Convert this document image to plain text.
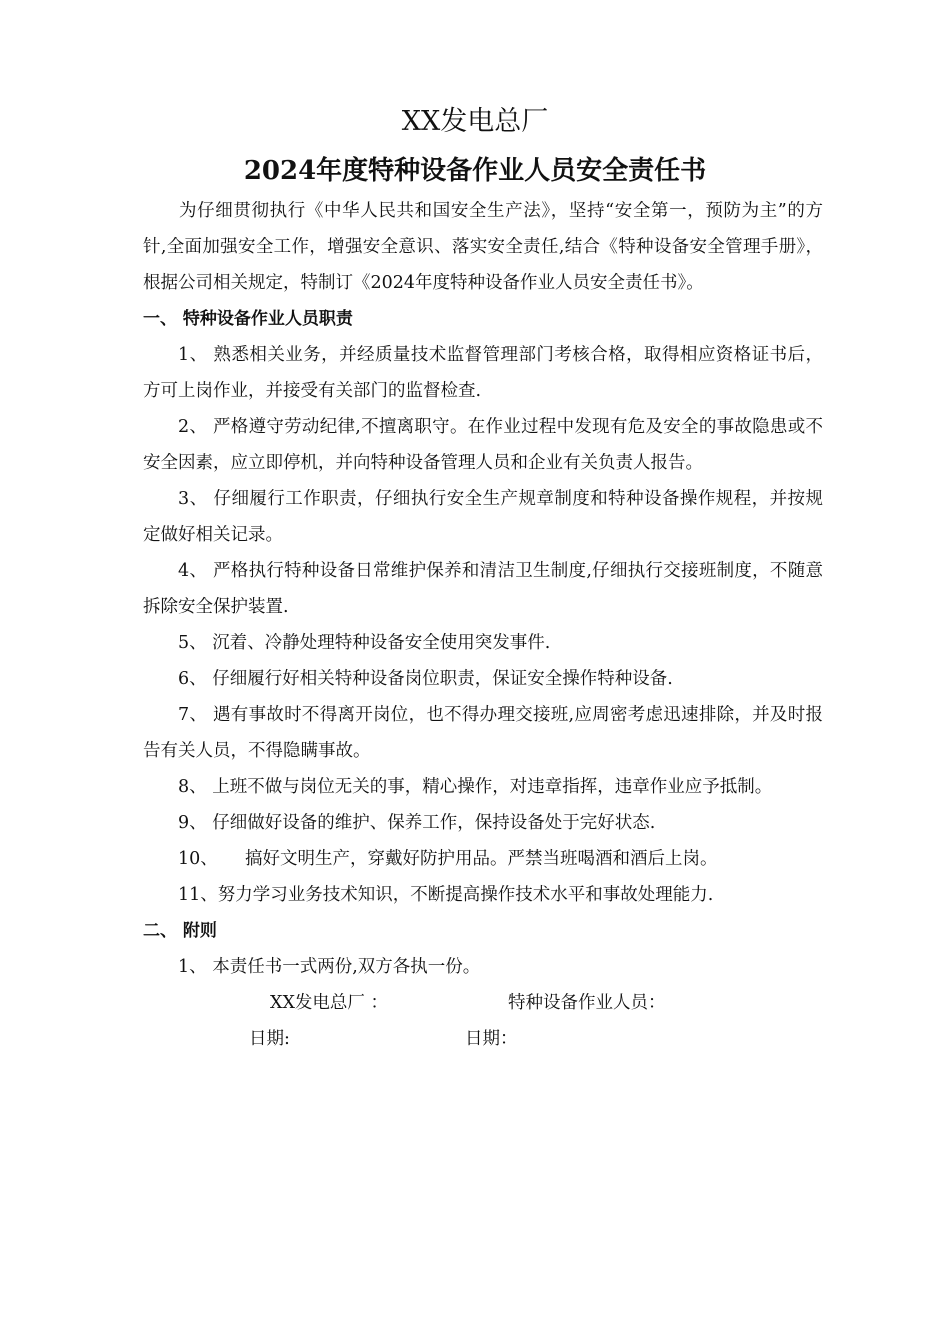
XX发电总厂
2024年度特种设备作业人员安全责任书

为仔细贯彻执行《中华人民共和国安全生产法》，坚持“安全第一，预防为主”的方针,全面加强安全工作，增强安全意识、落实安全责任,结合《特种设备安全管理手册》，根据公司相关规定，特制订《2024年度特种设备作业人员安全责任书》。

一、 特种设备作业人员职责

1、 熟悉相关业务，并经质量技术监督管理部门考核合格，取得相应资格证书后，方可上岗作业，并接受有关部门的监督检查.

2、 严格遵守劳动纪律,不擅离职守。在作业过程中发现有危及安全的事故隐患或不安全因素，应立即停机，并向特种设备管理人员和企业有关负责人报告。

3、 仔细履行工作职责，仔细执行安全生产规章制度和特种设备操作规程，并按规定做好相关记录。

4、 严格执行特种设备日常维护保养和清洁卫生制度,仔细执行交接班制度，不随意拆除安全保护装置.

5、 沉着、冷静处理特种设备安全使用突发事件.

6、 仔细履行好相关特种设备岗位职责，保证安全操作特种设备.

7、 遇有事故时不得离开岗位，也不得办理交接班,应周密考虑迅速排除，并及时报告有关人员，不得隐瞒事故。

8、 上班不做与岗位无关的事，精心操作，对违章指挥，违章作业应予抵制。

9、 仔细做好设备的维护、保养工作，保持设备处于完好状态.

10、 搞好文明生产，穿戴好防护用品。严禁当班喝酒和酒后上岗。

11、努力学习业务技术知识，不断提高操作技术水平和事故处理能力.

二、 附则

1、 本责任书一式两份,双方各执一份。

XX发电总厂 ：	特种设备作业人员：
日期:	日期：
